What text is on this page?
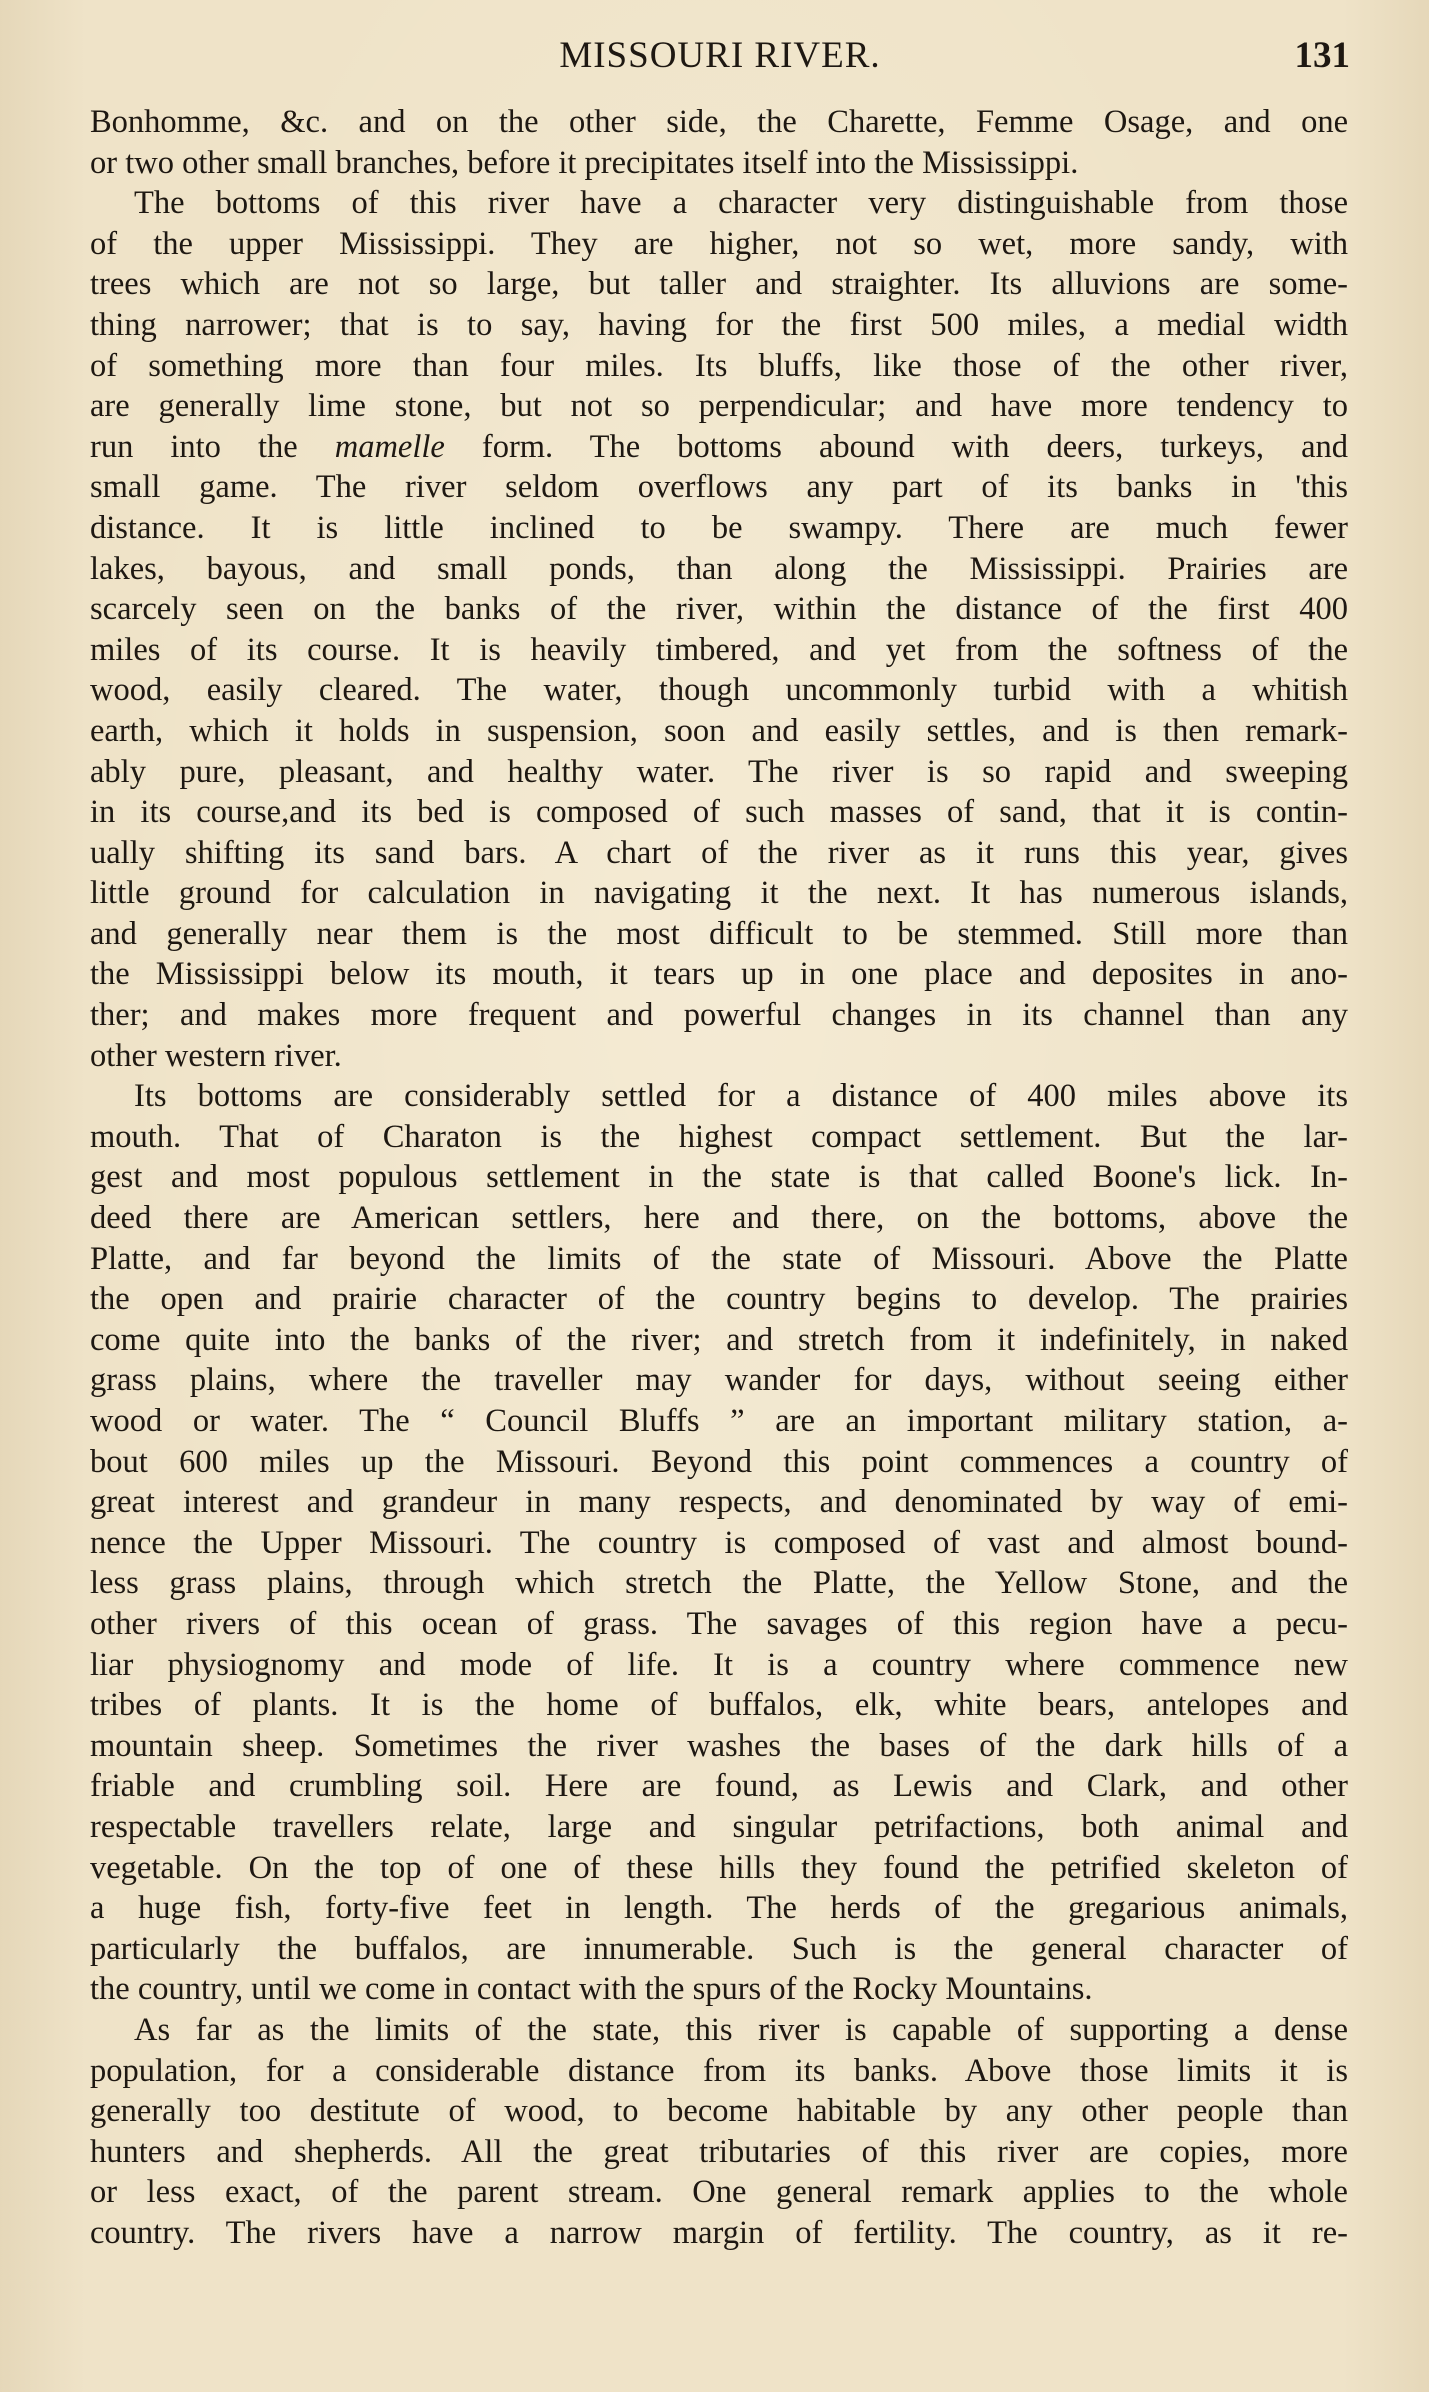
MISSOURI RIVER.	131
Bonhomme, &c. and on the other side, the Charette, Femme Osage, and one
or two other small branches, before it precipitates itself into the Mississippi.
The bottoms of this river have a character very distinguishable from those
of the upper Mississippi. They are higher, not so wet, more sandy, with
trees which are not so large, but taller and straighter. Its alluvions are some-
thing narrower; that is to say, having for the first 500 miles, a medial width
of something more than four miles. Its bluffs, like those of the other river,
are generally lime stone, but not so perpendicular; and have more tendency to
run into the mamelle form. The bottoms abound with deers, turkeys, and
small game. The river seldom overflows any part of its banks in 'this
distance. It is little inclined to be swampy. There are much fewer
lakes, bayous, and small ponds, than along the Mississippi. Prairies are
scarcely seen on the banks of the river, within the distance of the first 400
miles of its course. It is heavily timbered, and yet from the softness of the
wood, easily cleared. The water, though uncommonly turbid with a whitish
earth, which it holds in suspension, soon and easily settles, and is then remark-
ably pure, pleasant, and healthy water. The river is so rapid and sweeping
in its course,and its bed is composed of such masses of sand, that it is contin-
ually shifting its sand bars. A chart of the river as it runs this year, gives
little ground for calculation in navigating it the next. It has numerous islands,
and generally near them is the most difficult to be stemmed. Still more than
the Mississippi below its mouth, it tears up in one place and deposites in ano-
ther; and makes more frequent and powerful changes in its channel than any
other western river.
Its bottoms are considerably settled for a distance of 400 miles above its
mouth. That of Charaton is the highest compact settlement. But the lar-
gest and most populous settlement in the state is that called Boone's lick. In-
deed there are American settlers, here and there, on the bottoms, above the
Platte, and far beyond the limits of the state of Missouri. Above the Platte
the open and prairie character of the country begins to develop. The prairies
come quite into the banks of the river; and stretch from it indefinitely, in naked
grass plains, where the traveller may wander for days, without seeing either
wood or water. The “ Council Bluffs ” are an important military station, a-
bout 600 miles up the Missouri. Beyond this point commences a country of
great interest and grandeur in many respects, and denominated by way of emi-
nence the Upper Missouri. The country is composed of vast and almost bound-
less grass plains, through which stretch the Platte, the Yellow Stone, and the
other rivers of this ocean of grass. The savages of this region have a pecu-
liar physiognomy and mode of life. It is a country where commence new
tribes of plants. It is the home of buffalos, elk, white bears, antelopes and
mountain sheep. Sometimes the river washes the bases of the dark hills of a
friable and crumbling soil. Here are found, as Lewis and Clark, and other
respectable travellers relate, large and singular petrifactions, both animal and
vegetable. On the top of one of these hills they found the petrified skeleton of
a huge fish, forty-five feet in length. The herds of the gregarious animals,
particularly the buffalos, are innumerable. Such is the general character of
the country, until we come in contact with the spurs of the Rocky Mountains.
As far as the limits of the state, this river is capable of supporting a dense
population, for a considerable distance from its banks. Above those limits it is
generally too destitute of wood, to become habitable by any other people than
hunters and shepherds. All the great tributaries of this river are copies, more
or less exact, of the parent stream. One general remark applies to the whole
country. The rivers have a narrow margin of fertility. The country, as it re-
